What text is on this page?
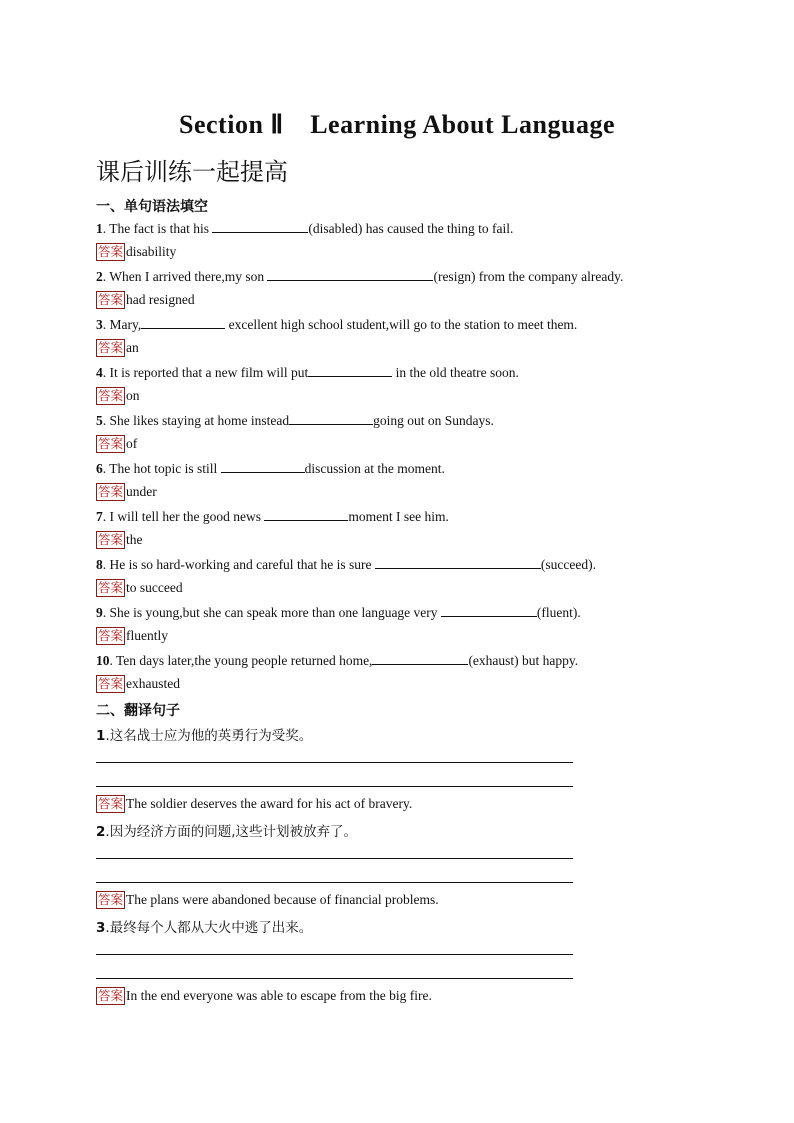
Section Ⅱ　Learning About Language
课后训练一起提高
一、单句语法填空
1. The fact is that his	(disabled) has caused the thing to fail.
答案 disability
2. When I arrived there,my son	(resign) from the company already.
答案 had resigned
3. Mary,	excellent high school student,will go to the station to meet them.
答案 an
4. It is reported that a new film will put	in the old theatre soon.
答案 on
5. She likes staying at home instead	going out on Sundays.
答案 of
6. The hot topic is still	discussion at the moment.
答案 under
7. I will tell her the good news	moment I see him.
答案 the
8. He is so hard-working and careful that he is sure	(succeed).
答案 to succeed
9. She is young,but she can speak more than one language very	(fluent).
答案 fluently
10. Ten days later,the young people returned home,	(exhaust) but happy.
答案 exhausted
二、翻译句子
1.这名战士应为他的英勇行为受奖。
答案 The soldier deserves the award for his act of bravery.
2.因为经济方面的问题,这些计划被放弃了。
答案 The plans were abandoned because of financial problems.
3.最终每个人都从大火中逃了出来。
答案 In the end everyone was able to escape from the big fire.
